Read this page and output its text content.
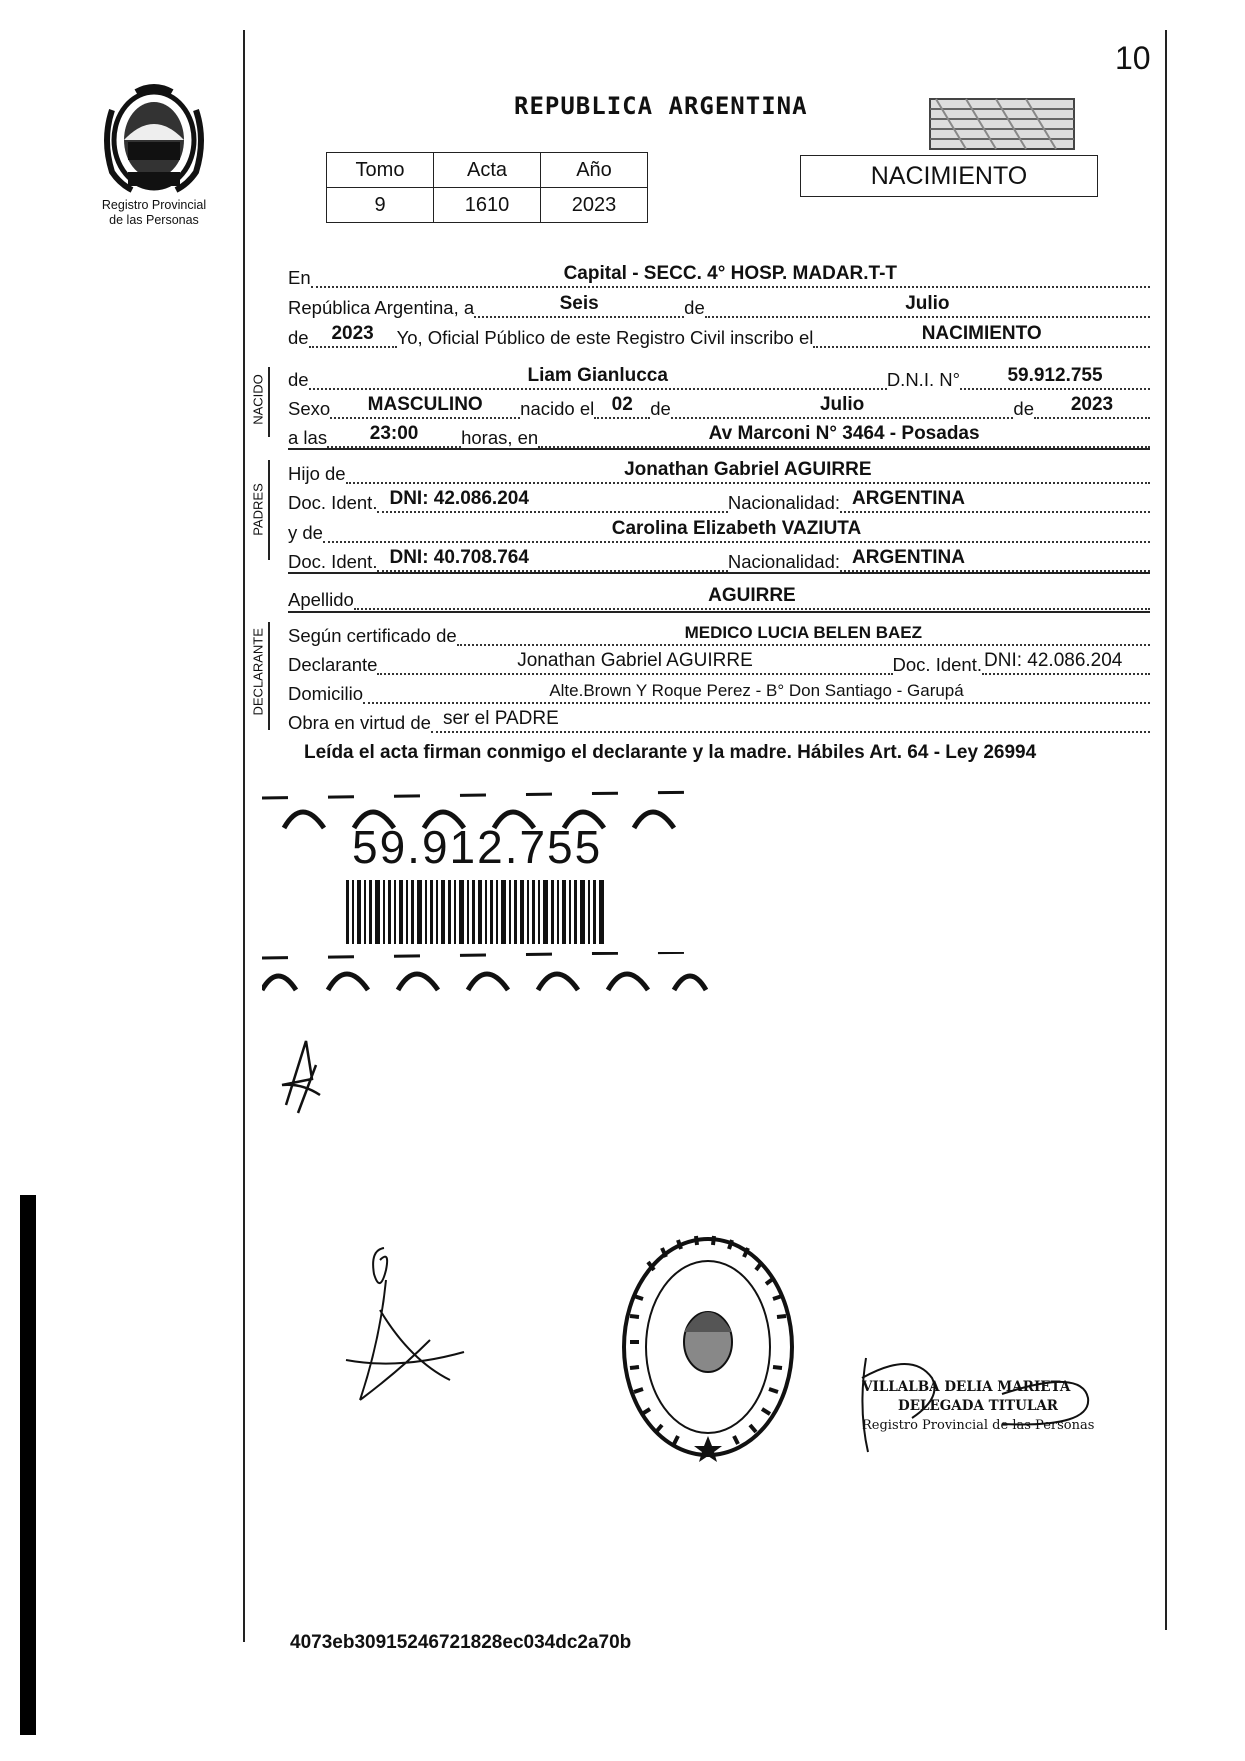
10
Registro Provincial
de las Personas
REPUBLICA ARGENTINA
Tomo	Acta	Año
9	1610	2023
NACIMIENTO
En	Capital - SECC. 4° HOSP. MADAR.T-T
República Argentina, a	Seis	de	Julio
de 2023 Yo, Oficial Público de este Registro Civil inscribo el	NACIMIENTO
NACIDO de	Liam Gianlucca	D.N.I. N° 59.912.755
Sexo MASCULINO nacido el 02 de	Julio	de 2023
a las 23:00 horas, en	Av Marconi N° 3464 - Posadas
PADRES
Hijo de	Jonathan Gabriel AGUIRRE
Doc. Ident. DNI: 42.086.204	Nacionalidad: ARGENTINA
y de	Carolina Elizabeth VAZIUTA
Doc. Ident. DNI: 40.708.764	Nacionalidad: ARGENTINA
Apellido	AGUIRRE
DECLARANTE Según certificado de	MEDICO LUCIA BELEN BAEZ
Declarante	Jonathan Gabriel AGUIRRE	Doc. Ident. DNI: 42.086.204
Domicilio	Alte.Brown Y Roque Perez - B° Don Santiago - Garupá
Obra en virtud de ser el PADRE
Leída el acta firman conmigo el declarante y la madre. Hábiles Art. 64 - Ley 26994
59.912.755
VILLALBA DELIA MARIETA
DELEGADA TITULAR
Registro Provincial de las Personas
4073eb30915246721828ec034dc2a70b
